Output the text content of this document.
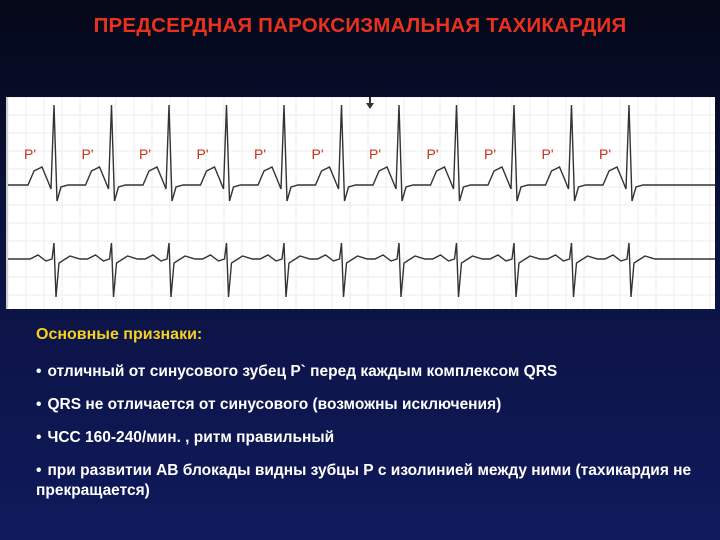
ПРЕДСЕРДНАЯ ПАРОКСИЗМАЛЬНАЯ ТАХИКАРДИЯ
P'	P'	P'	P'	P'	P'	P'	P'	P'	P'	P'
Основные признаки:
• отличный от синусового зубец Р` перед каждым комплексом QRS
• QRS не отличается от синусового (возможны исключения)
• ЧСС 160-240/мин. , ритм правильный
• при развитии АВ блокады видны зубцы Р с изолинией между ними (тахикардия не прекращается)
